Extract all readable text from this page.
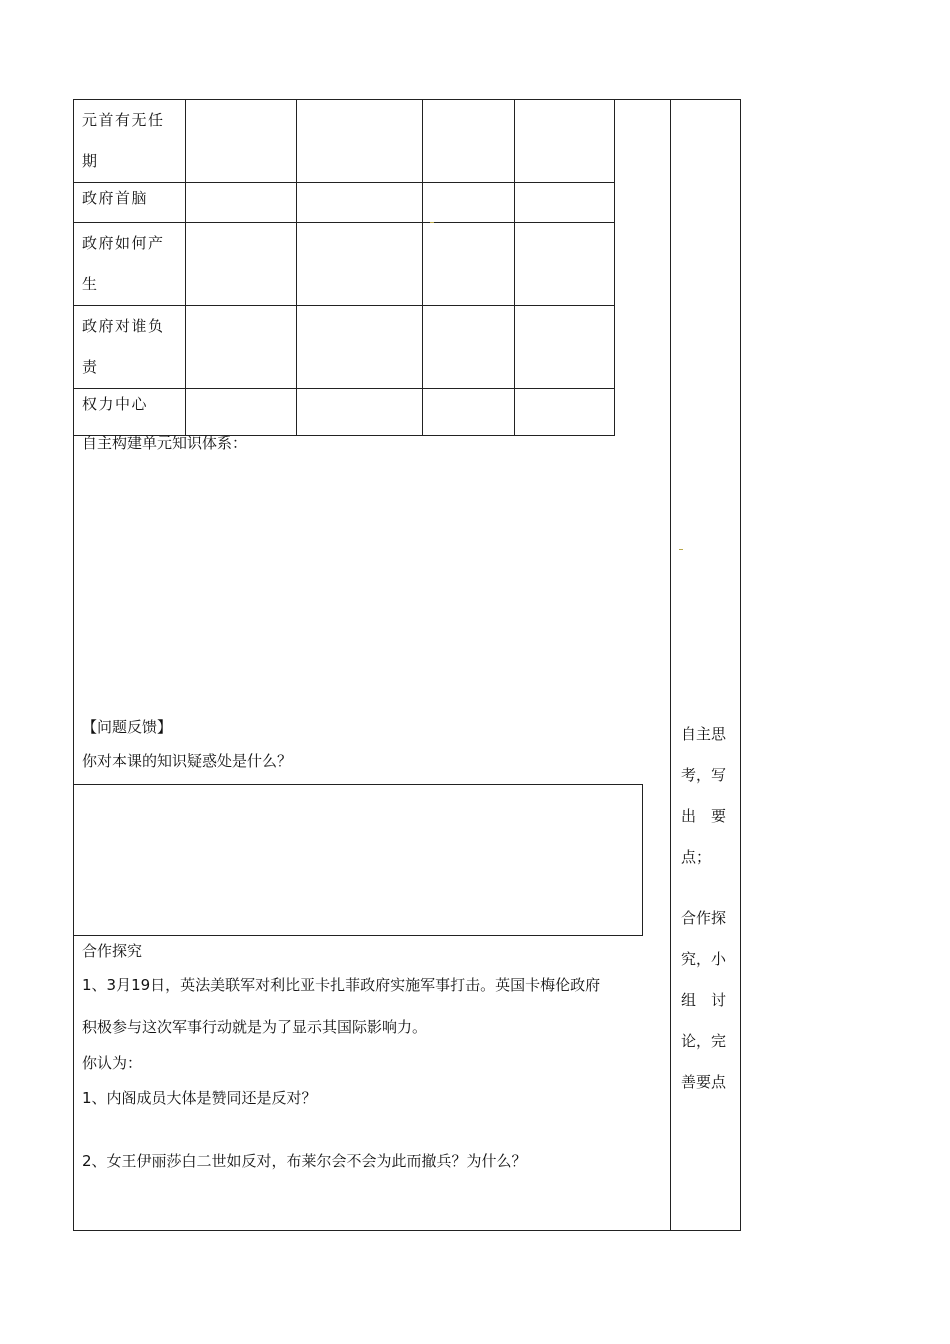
元首有无任期				

政府首脑				

政府如何产生				

政府对谁负责				

权力中心				

自主构建单元知识体系：
【问题反馈】
你对本课的知识疑惑处是什么？
合作探究
1、3月19日，英法美联军对利比亚卡扎菲政府实施军事打击。英国卡梅伦政府
积极参与这次军事行动就是为了显示其国际影响力。
你认为：
1、内阁成员大体是赞同还是反对？
2、女王伊丽莎白二世如反对，布莱尔会不会为此而撤兵？为什么？
自主思
考，写
出　要
点；
合作探
究，小
组　讨
论，完
善要点
